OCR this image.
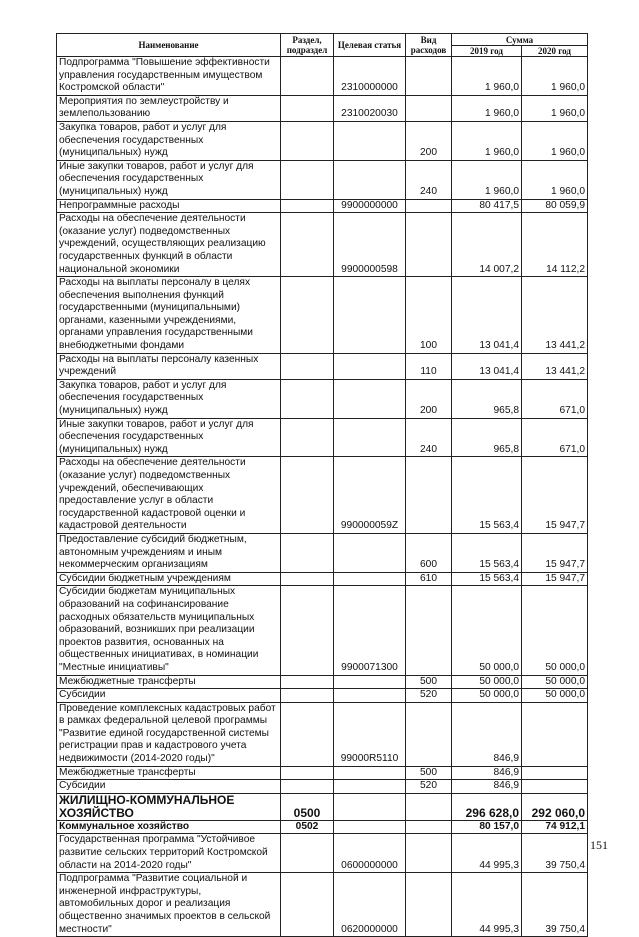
Наименование	Раздел, подраздел	Целевая статья	Вид расходов	Сумма	
				2019 год	2020 год
Подпрограмма "Повышение эффективности управления государственным имуществом Костромской области"		2310000000		1 960,0	1 960,0
Мероприятия по землеустройству и землепользованию		2310020030		1 960,0	1 960,0
Закупка товаров, работ и услуг для обеспечения государственных (муниципальных) нужд			200	1 960,0	1 960,0
Иные закупки товаров, работ и услуг для обеспечения государственных (муниципальных) нужд			240	1 960,0	1 960,0
Непрограммные расходы		9900000000		80 417,5	80 059,9
Расходы на обеспечение деятельности (оказание услуг) подведомственных учреждений, осуществляющих реализацию государственных функций в области национальной экономики		9900000598		14 007,2	14 112,2
Расходы на выплаты персоналу в целях обеспечения выполнения функций государственными (муниципальными) органами, казенными учреждениями, органами управления государственными внебюджетными фондами			100	13 041,4	13 441,2
Расходы на выплаты персоналу казенных учреждений			110	13 041,4	13 441,2
Закупка товаров, работ и услуг для обеспечения государственных (муниципальных) нужд			200	965,8	671,0
Иные закупки товаров, работ и услуг для обеспечения государственных (муниципальных) нужд			240	965,8	671,0
Расходы на обеспечение деятельности (оказание услуг) подведомственных учреждений, обеспечивающих предоставление услуг в области государственной кадастровой оценки и кадастровой деятельности		990000059Z		15 563,4	15 947,7
Предоставление субсидий бюджетным, автономным учреждениям и иным некоммерческим организациям			600	15 563,4	15 947,7
Субсидии бюджетным учреждениям			610	15 563,4	15 947,7
Субсидии бюджетам муниципальных образований на софинансирование расходных обязательств муниципальных образований, возникших при реализации проектов развития, основанных на общественных инициативах, в номинации "Местные инициативы"		9900071300		50 000,0	50 000,0
Межбюджетные трансферты			500	50 000,0	50 000,0
Субсидии			520	50 000,0	50 000,0
Проведение комплексных кадастровых работ в рамках федеральной целевой программы "Развитие единой государственной системы регистрации прав и кадастрового учета недвижимости (2014-2020 годы)"		99000R5110		846,9	
Межбюджетные трансферты			500	846,9	
Субсидии			520	846,9	
ЖИЛИЩНО-КОММУНАЛЬНОЕ ХОЗЯЙСТВО	0500			296 628,0	292 060,0
Коммунальное хозяйство	0502			80 157,0	74 912,1
Государственная программа "Устойчивое развитие сельских территорий Костромской области на 2014-2020 годы"		0600000000		44 995,3	39 750,4
Подпрограмма "Развитие социальной и инженерной инфраструктуры, автомобильных дорог и реализация общественно значимых проектов в сельской местности"		0620000000		44 995,3	39 750,4
151
